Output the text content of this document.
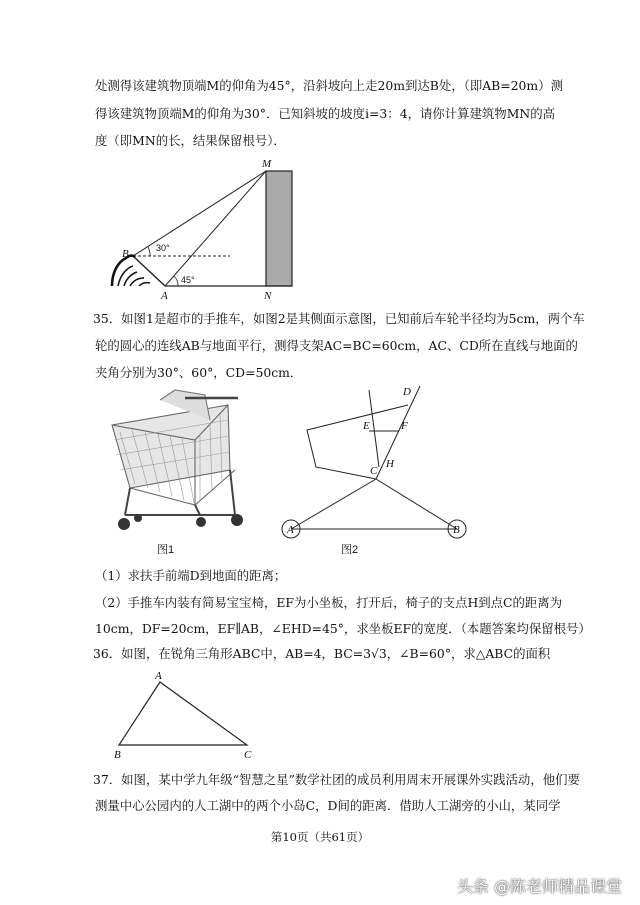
处测得该建筑物顶端M的仰角为45°，沿斜坡向上走20m到达B处，（即AB=20m）测
得该建筑物顶端M的仰角为30°．已知斜坡的坡度i=3：4，请你计算建筑物MN的高
度（即MN的长，结果保留根号）．
M
N
A
B	30°
45°
35．如图1是超市的手推车，如图2是其侧面示意图，已知前后车轮半径均为5cm，两个车
轮的圆心的连线AB与地面平行，测得支架AC=BC=60cm，AC、CD所在直线与地面的
夹角分别为30°、60°，CD=50cm．
图1
D
E	F
H
C
A	B
图2
（1）求扶手前端D到地面的距离；
（2）手推车内装有简易宝宝椅，EF为小坐板，打开后，椅子的支点H到点C的距离为
10cm，DF=20cm，EF∥AB，∠EHD=45°，求坐板EF的宽度．（本题答案均保留根号）
36．如图，在锐角三角形ABC中，AB=4，BC=3√3，∠B=60°，求△ABC的面积
A
B	C
37．如图，某中学九年级“智慧之星”数学社团的成员利用周末开展课外实践活动，他们要
测量中心公园内的人工湖中的两个小岛C，D间的距离．借助人工湖旁的小山，某同学
第10页（共61页）
头条 @陈老师精品课堂
